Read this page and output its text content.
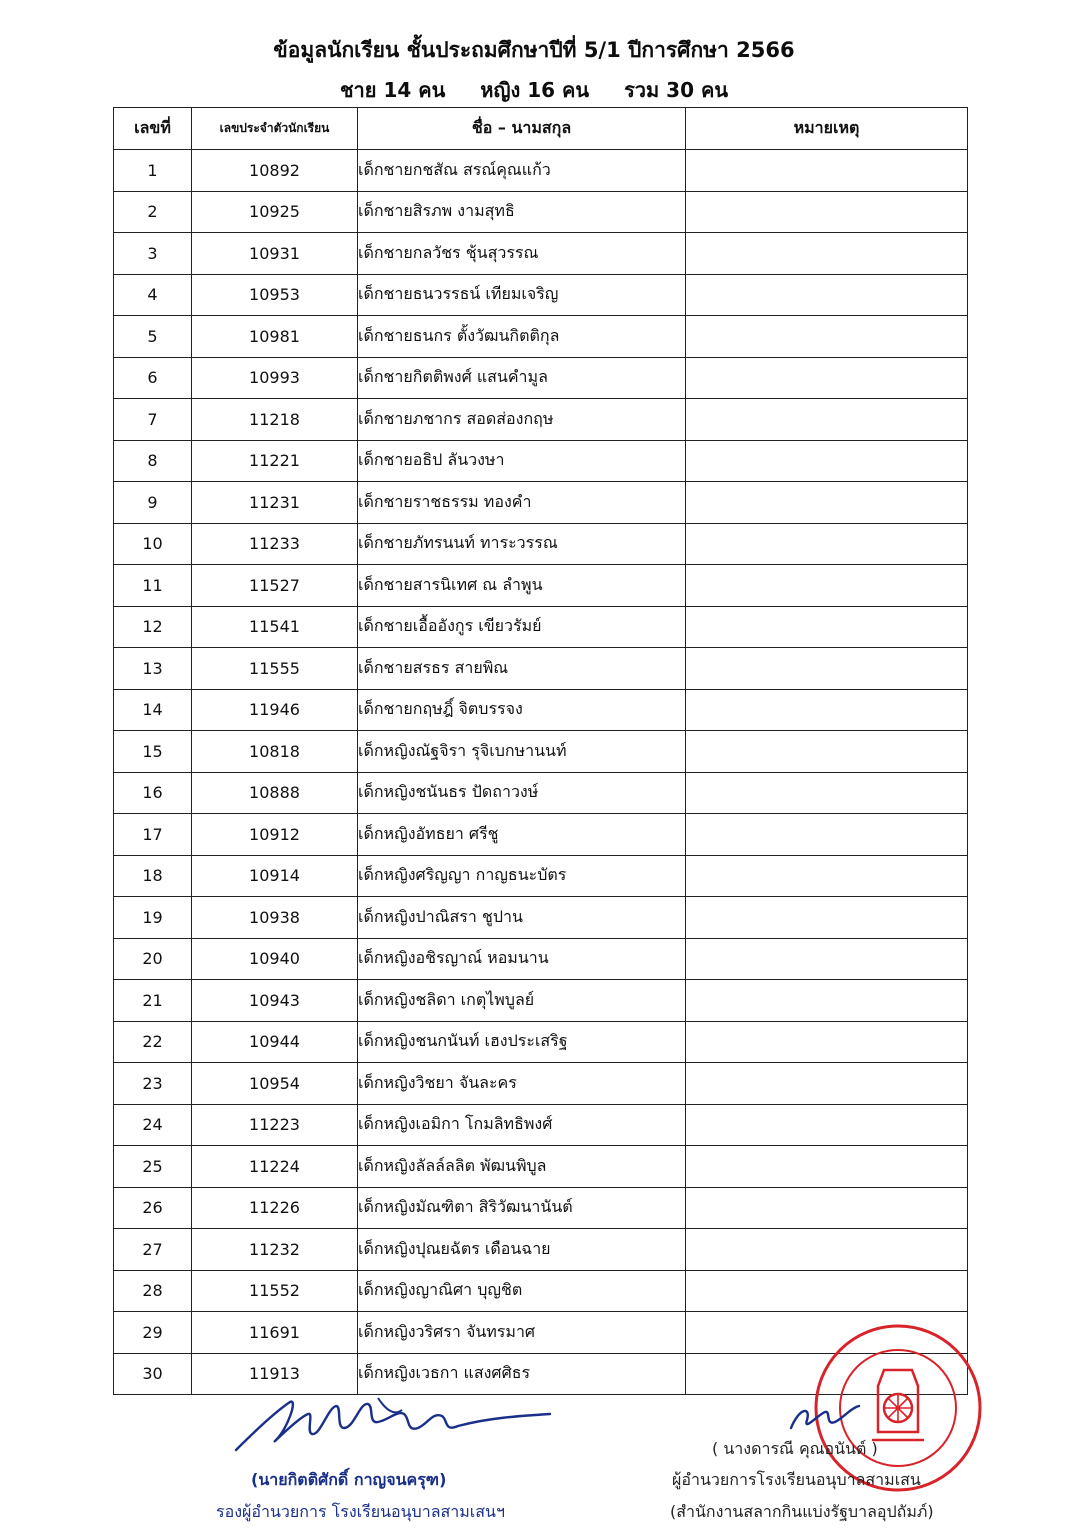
ข้อมูลนักเรียน ชั้นประถมศึกษาปีที่ 5/1 ปีการศึกษา 2566
ชาย 14 คน หญิง 16 คน รวม 30 คน
เลขที่	เลขประจำตัวนักเรียน	ชื่อ – นามสกุล	หมายเหตุ
1	10892	เด็กชายกชสัณ สรณ์คุณแก้ว	
2	10925	เด็กชายสิรภพ งามสุทธิ	
3	10931	เด็กชายกลวัชร ชุ้นสุวรรณ	
4	10953	เด็กชายธนวรรธน์ เทียมเจริญ	
5	10981	เด็กชายธนกร ตั้งวัฒนกิตติกุล	
6	10993	เด็กชายกิตติพงศ์ แสนคำมูล	
7	11218	เด็กชายภชากร สอดส่องกฤษ	
8	11221	เด็กชายอธิป ลันวงษา	
9	11231	เด็กชายราชธรรม ทองคำ	
10	11233	เด็กชายภัทรนนท์ ทาระวรรณ	
11	11527	เด็กชายสารนิเทศ ณ ลำพูน	
12	11541	เด็กชายเอื้ออังกูร เขียวรัมย์	
13	11555	เด็กชายสรธร สายพิณ	
14	11946	เด็กชายกฤษฎิ์ จิตบรรจง	
15	10818	เด็กหญิงณัฐจิรา รุจิเบกษานนท์	
16	10888	เด็กหญิงชนันธร ปัดถาวงษ์	
17	10912	เด็กหญิงอัทธยา ศรีชู	
18	10914	เด็กหญิงศริญญา กาญธนะบัตร	
19	10938	เด็กหญิงปาณิสรา ชูปาน	
20	10940	เด็กหญิงอชิรญาณ์ หอมนาน	
21	10943	เด็กหญิงชลิดา เกตุไพบูลย์	
22	10944	เด็กหญิงชนกนันท์ เฮงประเสริฐ	
23	10954	เด็กหญิงวิชยา จันละคร	
24	11223	เด็กหญิงเอมิกา โกมลิทธิพงศ์	
25	11224	เด็กหญิงลัลล์ลลิต พัฒนพิบูล	
26	11226	เด็กหญิงมัณฑิตา สิริวัฒนานันต์	
27	11232	เด็กหญิงปุณยฉัตร เดือนฉาย	
28	11552	เด็กหญิงญาณิศา บุญชิต	
29	11691	เด็กหญิงวริศรา จันทรมาศ	
30	11913	เด็กหญิงเวธกา แสงศศิธร	
(นายกิตติศักดิ์ กาญจนครุฑ)
รองผู้อำนวยการ โรงเรียนอนุบาลสามเสนฯ
( นางดารณี คุณอนันต์ )
ผู้อำนวยการโรงเรียนอนุบาลสามเสน
(สำนักงานสลากกินแบ่งรัฐบาลอุปถัมภ์)
